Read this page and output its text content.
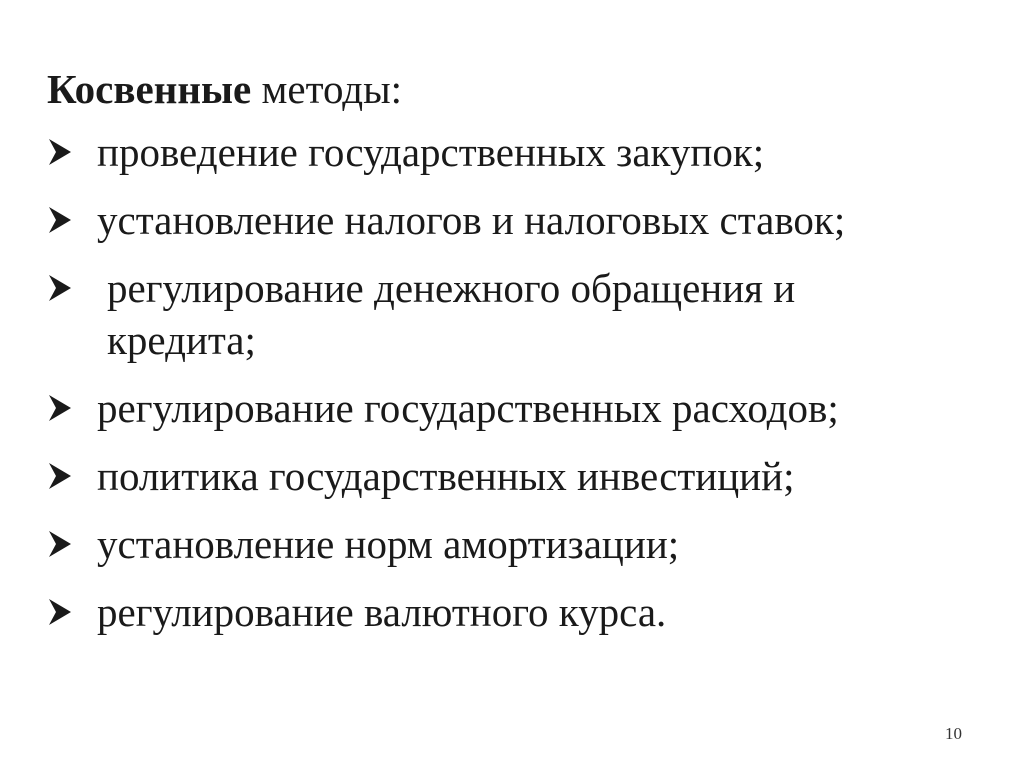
Косвенные методы:
проведение государственных закупок;
установление налогов и налоговых ставок;
регулирование денежного обращения и кредита;
регулирование государственных расходов;
политика государственных инвестиций;
установление норм амортизации;
регулирование валютного курса.
10
